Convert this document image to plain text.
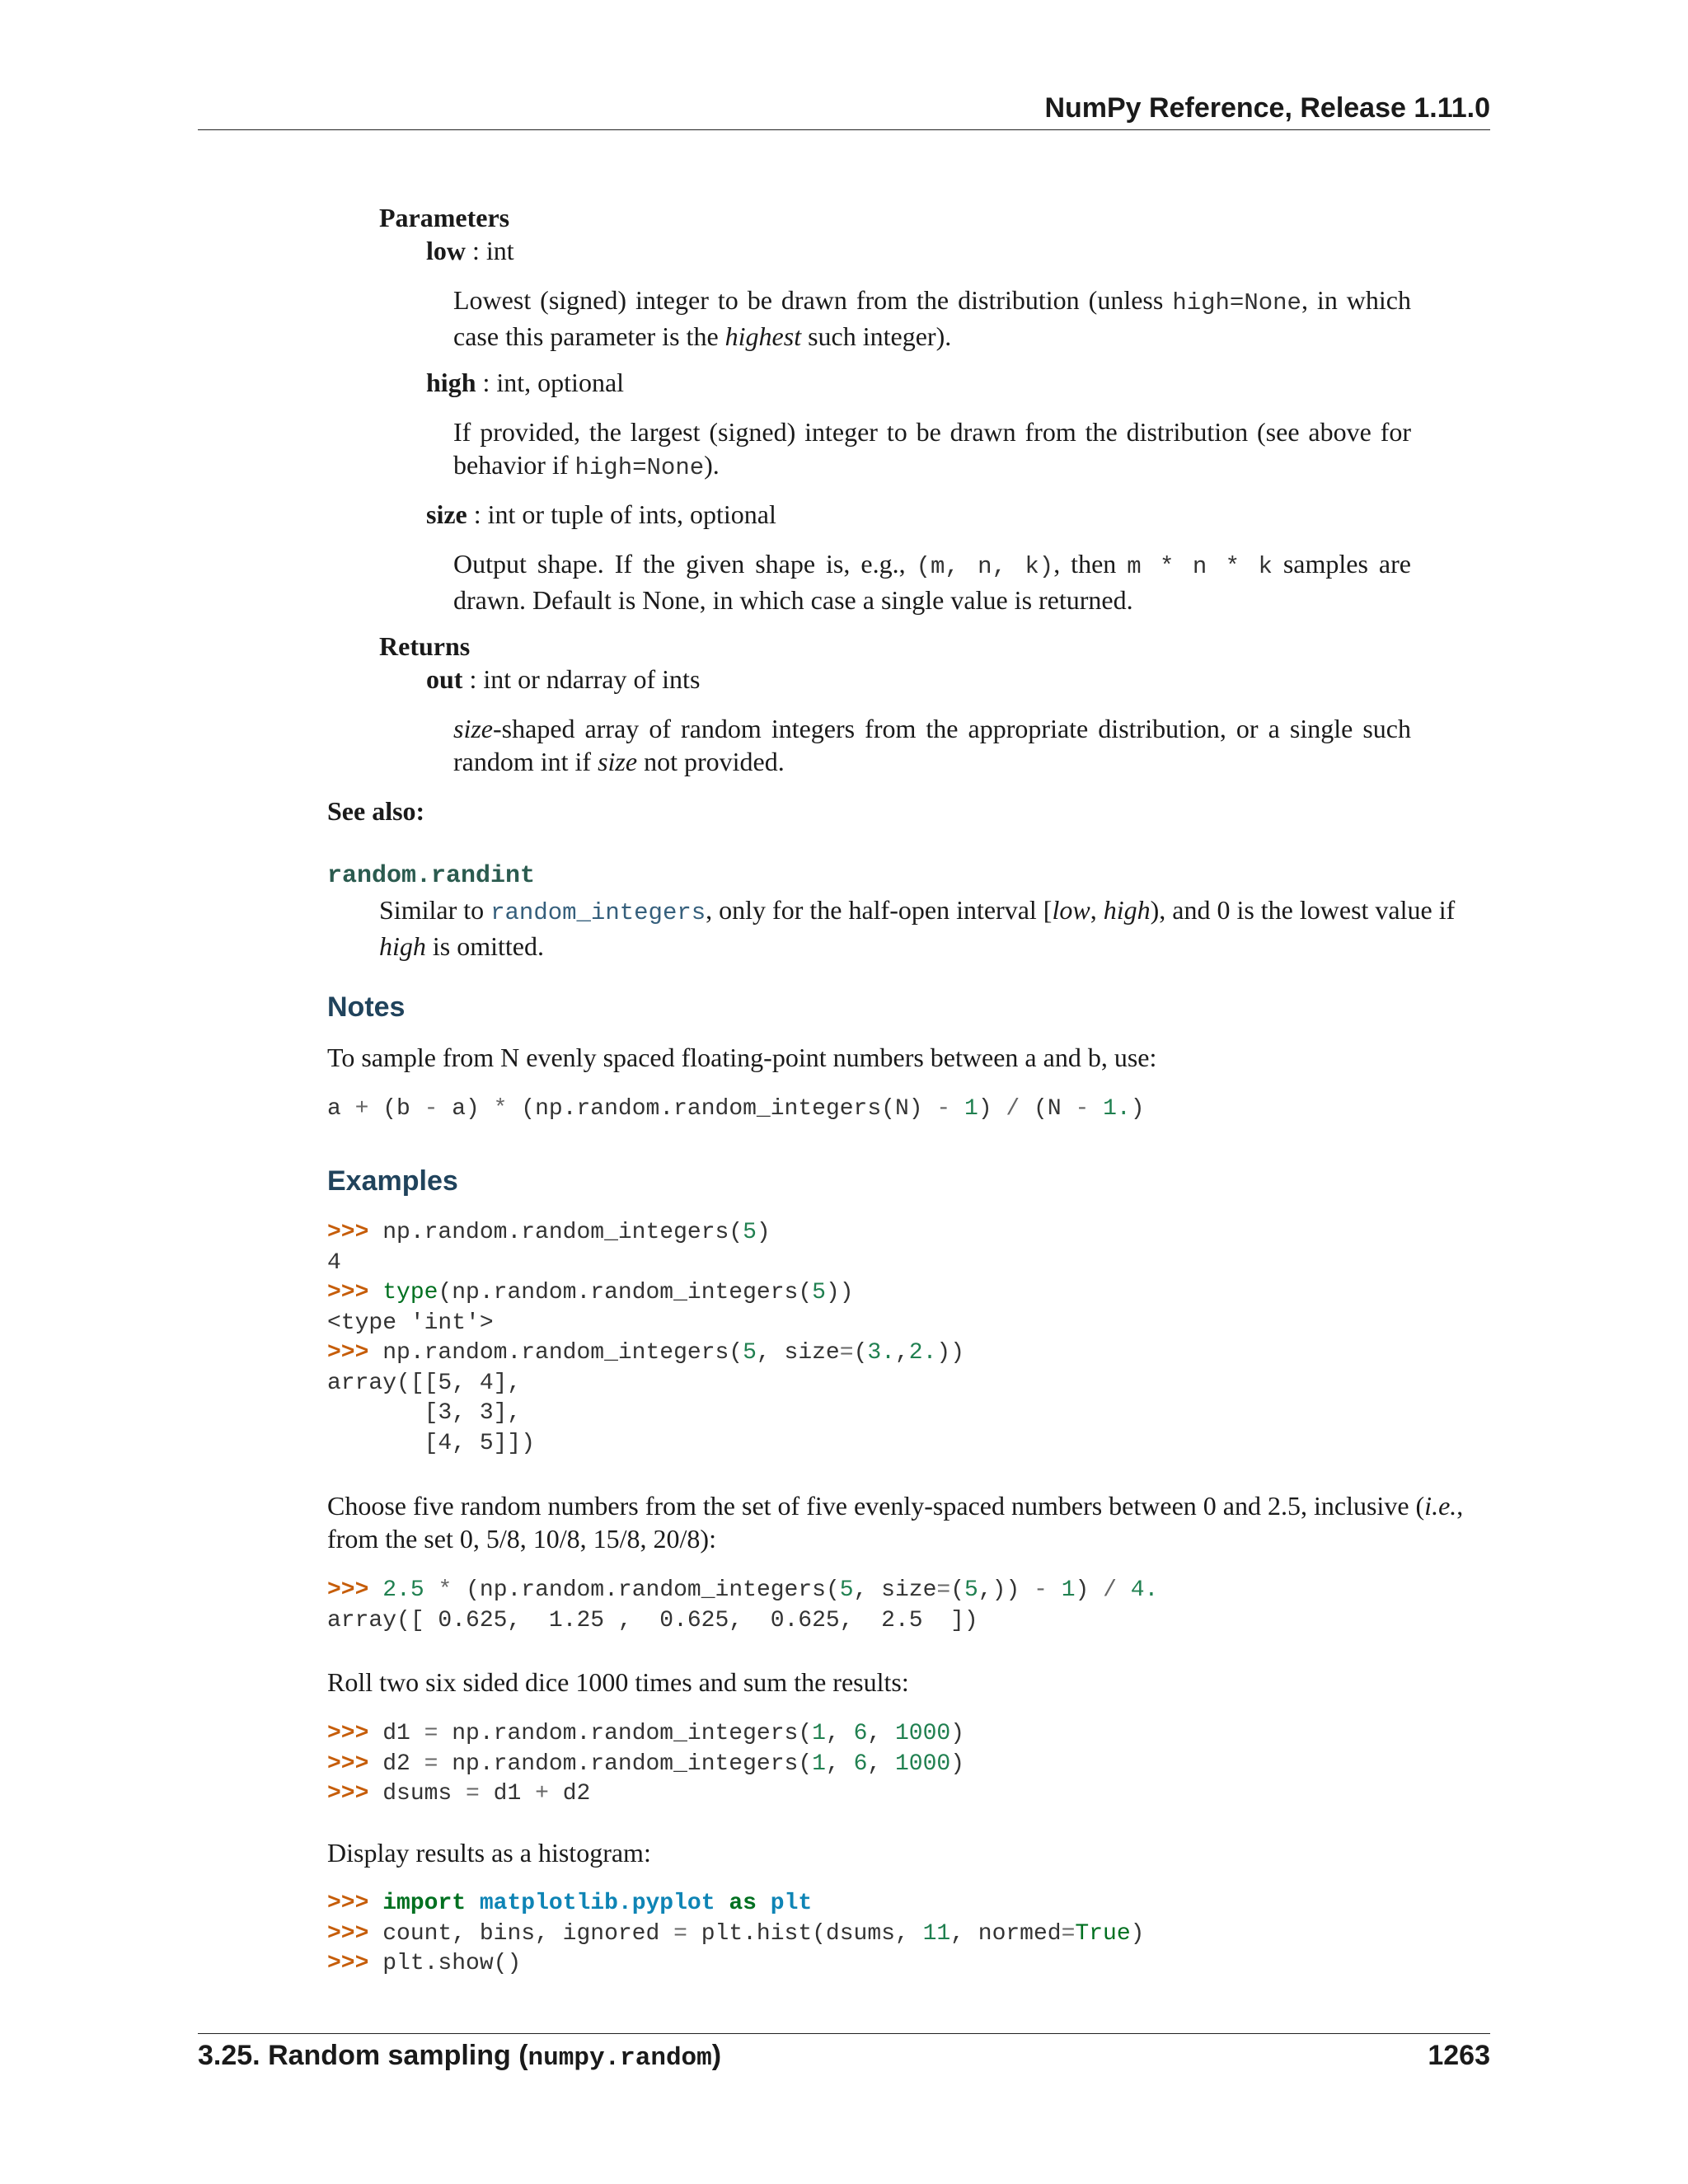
NumPy Reference, Release 1.11.0
Parameters
low : int
Lowest (signed) integer to be drawn from the distribution (unless high=None, in which case this parameter is the highest such integer).
high : int, optional
If provided, the largest (signed) integer to be drawn from the distribution (see above for behavior if high=None).
size : int or tuple of ints, optional
Output shape. If the given shape is, e.g., (m, n, k), then m * n * k samples are drawn. Default is None, in which case a single value is returned.
Returns
out : int or ndarray of ints
size-shaped array of random integers from the appropriate distribution, or a single such random int if size not provided.
See also:
random.randint
Similar to random_integers, only for the half-open interval [low, high), and 0 is the lowest value if high is omitted.
Notes
To sample from N evenly spaced floating-point numbers between a and b, use:
a + (b - a) * (np.random.random_integers(N) - 1) / (N - 1.)
Examples
>>> np.random.random_integers(5)
4
>>> type(np.random.random_integers(5))
<type 'int'>
>>> np.random.random_integers(5, size=(3.,2.))
array([[5, 4],
[3, 3],
[4, 5]])
Choose five random numbers from the set of five evenly-spaced numbers between 0 and 2.5, inclusive (i.e., from the set 0, 5/8, 10/8, 15/8, 20/8):
>>> 2.5 * (np.random.random_integers(5, size=(5,)) - 1) / 4.
array([ 0.625,  1.25 ,  0.625,  0.625,  2.5  ])
Roll two six sided dice 1000 times and sum the results:
>>> d1 = np.random.random_integers(1, 6, 1000)
>>> d2 = np.random.random_integers(1, 6, 1000)
>>> dsums = d1 + d2
Display results as a histogram:
>>> import matplotlib.pyplot as plt
>>> count, bins, ignored = plt.hist(dsums, 11, normed=True)
>>> plt.show()
3.25. Random sampling (numpy.random)	1263
